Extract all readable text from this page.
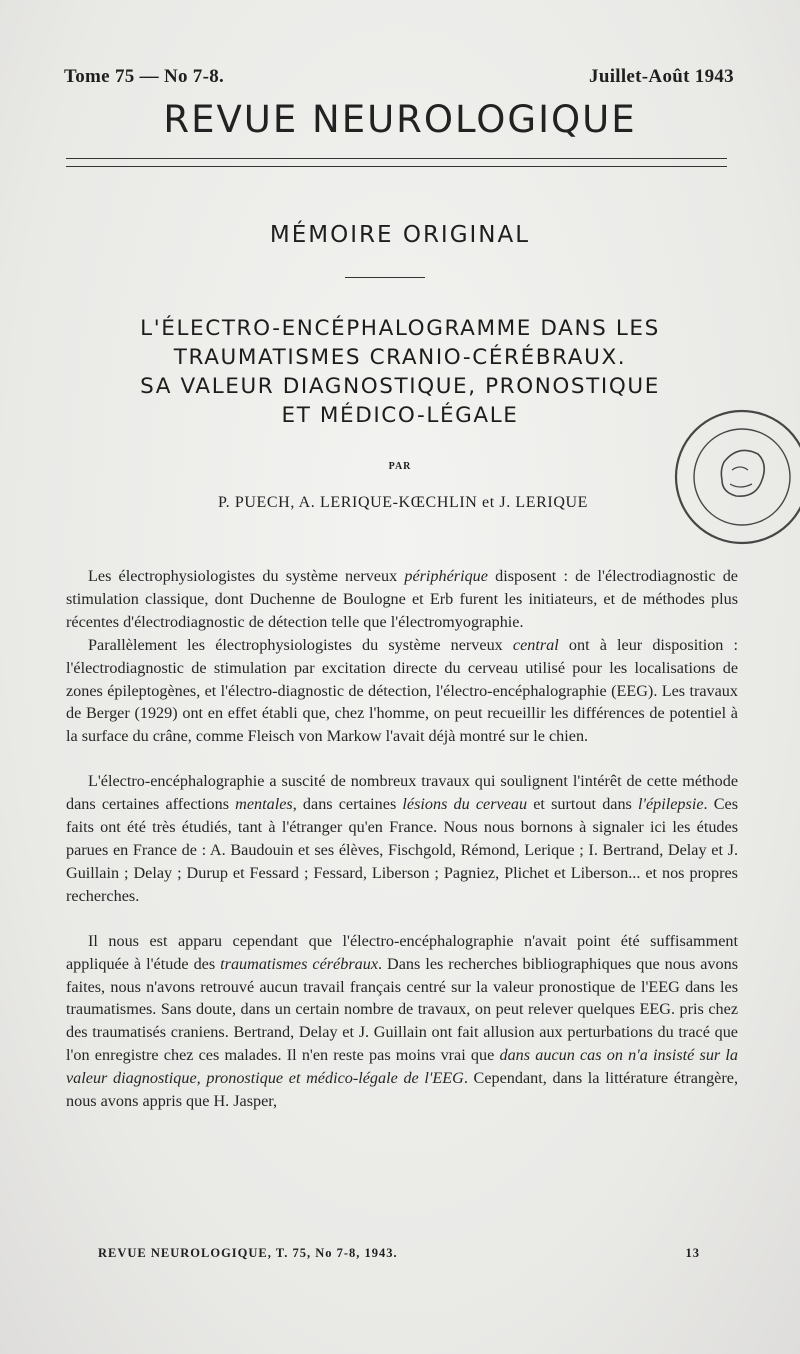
Tome 75 — No 7-8.	Juillet-Août 1943
REVUE NEUROLOGIQUE
MÉMOIRE ORIGINAL
L'ÉLECTRO-ENCÉPHALOGRAMME DANS LES
TRAUMATISMES CRANIO-CÉRÉBRAUX.
SA VALEUR DIAGNOSTIQUE, PRONOSTIQUE
ET MÉDICO-LÉGALE
PAR
P. PUECH, A. LERIQUE-KŒCHLIN et J. LERIQUE

Les électrophysiologistes du système nerveux périphérique disposent : de l'électrodiagnostic de stimulation classique, dont Duchenne de Boulogne et Erb furent les initiateurs, et de méthodes plus récentes d'électrodiagnostic de détection telle que l'électromyographie.

Parallèlement les électrophysiologistes du système nerveux central ont à leur disposition : l'électrodiagnostic de stimulation par excitation directe du cerveau utilisé pour les localisations de zones épileptogènes, et l'électro-diagnostic de détection, l'électro-encéphalographie (EEG). Les travaux de Berger (1929) ont en effet établi que, chez l'homme, on peut recueillir les différences de potentiel à la surface du crâne, comme Fleisch von Markow l'avait déjà montré sur le chien.

L'électro-encéphalographie a suscité de nombreux travaux qui soulignent l'intérêt de cette méthode dans certaines affections mentales, dans certaines lésions du cerveau et surtout dans l'épilepsie. Ces faits ont été très étudiés, tant à l'étranger qu'en France. Nous nous bornons à signaler ici les études parues en France de : A. Baudouin et ses élèves, Fischgold, Rémond, Lerique ; I. Bertrand, Delay et J. Guillain ; Delay ; Durup et Fessard ; Fessard, Liberson ; Pagniez, Plichet et Liberson... et nos propres recherches.

Il nous est apparu cependant que l'électro-encéphalographie n'avait point été suffisamment appliquée à l'étude des traumatismes cérébraux. Dans les recherches bibliographiques que nous avons faites, nous n'avons retrouvé aucun travail français centré sur la valeur pronostique de l'EEG dans les traumatismes. Sans doute, dans un certain nombre de travaux, on peut relever quelques EEG. pris chez des traumatisés craniens. Bertrand, Delay et J. Guillain ont fait allusion aux perturbations du tracé que l'on enregistre chez ces malades. Il n'en reste pas moins vrai que dans aucun cas on n'a insisté sur la valeur diagnostique, pronostique et médico-légale de l'EEG. Cependant, dans la littérature étrangère, nous avons appris que H. Jasper,

REVUE NEUROLOGIQUE, T. 75, No 7-8, 1943.	13
